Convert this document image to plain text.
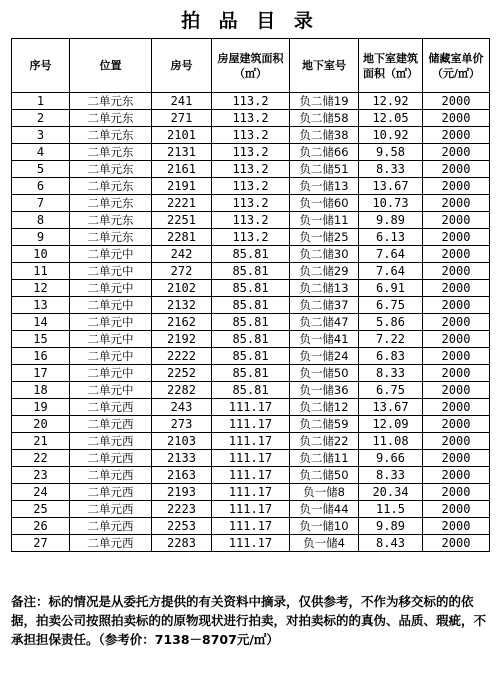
拍 品 目 录
序号	位置	房号	房屋建筑面积（㎡）	地下室号	地下室建筑面积（㎡）	储藏室单价（元/㎡）
1	二单元东	241	113.2	负二储19	12.92	2000
2	二单元东	271	113.2	负二储58	12.05	2000
3	二单元东	2101	113.2	负二储38	10.92	2000
4	二单元东	2131	113.2	负二储66	9.58	2000
5	二单元东	2161	113.2	负二储51	8.33	2000
6	二单元东	2191	113.2	负一储13	13.67	2000
7	二单元东	2221	113.2	负一储60	10.73	2000
8	二单元东	2251	113.2	负一储11	9.89	2000
9	二单元东	2281	113.2	负一储25	6.13	2000
10	二单元中	242	85.81	负二储30	7.64	2000
11	二单元中	272	85.81	负二储29	7.64	2000
12	二单元中	2102	85.81	负二储13	6.91	2000
13	二单元中	2132	85.81	负二储37	6.75	2000
14	二单元中	2162	85.81	负二储47	5.86	2000
15	二单元中	2192	85.81	负一储41	7.22	2000
16	二单元中	2222	85.81	负一储24	6.83	2000
17	二单元中	2252	85.81	负一储50	8.33	2000
18	二单元中	2282	85.81	负一储36	6.75	2000
19	二单元西	243	111.17	负二储12	13.67	2000
20	二单元西	273	111.17	负二储59	12.09	2000
21	二单元西	2103	111.17	负二储22	11.08	2000
22	二单元西	2133	111.17	负二储11	9.66	2000
23	二单元西	2163	111.17	负二储50	8.33	2000
24	二单元西	2193	111.17	负一储8	20.34	2000
25	二单元西	2223	111.17	负一储44	11.5	2000
26	二单元西	2253	111.17	负一储10	9.89	2000
27	二单元西	2283	111.17	负一储4	8.43	2000
备注：标的情况是从委托方提供的有关资料中摘录，仅供参考，不作为移交标的的依据，拍卖公司按照拍卖标的的原物现状进行拍卖，对拍卖标的的真伪、品质、瑕疵，不承担担保责任。（参考价：7138－8707元/㎡）
